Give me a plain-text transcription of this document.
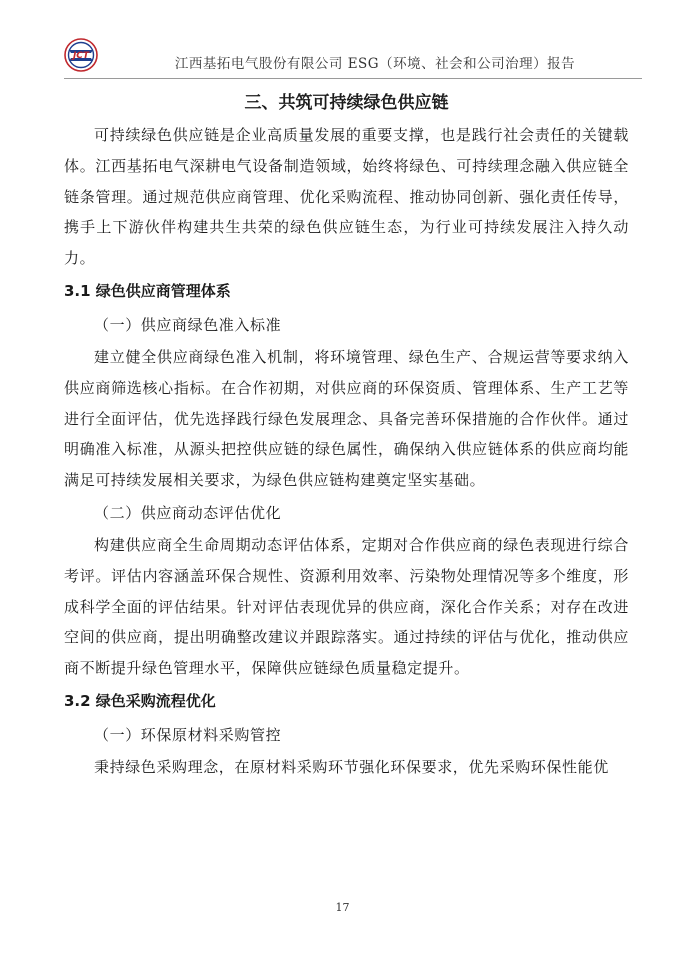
JCT	江西基拓电气股份有限公司 ESG（环境、社会和公司治理）报告
三、共筑可持续绿色供应链

可持续绿色供应链是企业高质量发展的重要支撑，也是践行社会责任的关键载体。江西基拓电气深耕电气设备制造领域，始终将绿色、可持续理念融入供应链全链条管理。通过规范供应商管理、优化采购流程、推动协同创新、强化责任传导，携手上下游伙伴构建共生共荣的绿色供应链生态，为行业可持续发展注入持久动力。

3.1 绿色供应商管理体系
（一）供应商绿色准入标准

建立健全供应商绿色准入机制，将环境管理、绿色生产、合规运营等要求纳入供应商筛选核心指标。在合作初期，对供应商的环保资质、管理体系、生产工艺等进行全面评估，优先选择践行绿色发展理念、具备完善环保措施的合作伙伴。通过明确准入标准，从源头把控供应链的绿色属性，确保纳入供应链体系的供应商均能满足可持续发展相关要求，为绿色供应链构建奠定坚实基础。

（二）供应商动态评估优化

构建供应商全生命周期动态评估体系，定期对合作供应商的绿色表现进行综合考评。评估内容涵盖环保合规性、资源利用效率、污染物处理情况等多个维度，形成科学全面的评估结果。针对评估表现优异的供应商，深化合作关系；对存在改进空间的供应商，提出明确整改建议并跟踪落实。通过持续的评估与优化，推动供应商不断提升绿色管理水平，保障供应链绿色质量稳定提升。

3.2 绿色采购流程优化
（一）环保原材料采购管控

秉持绿色采购理念，在原材料采购环节强化环保要求，优先采购环保性能优

17
